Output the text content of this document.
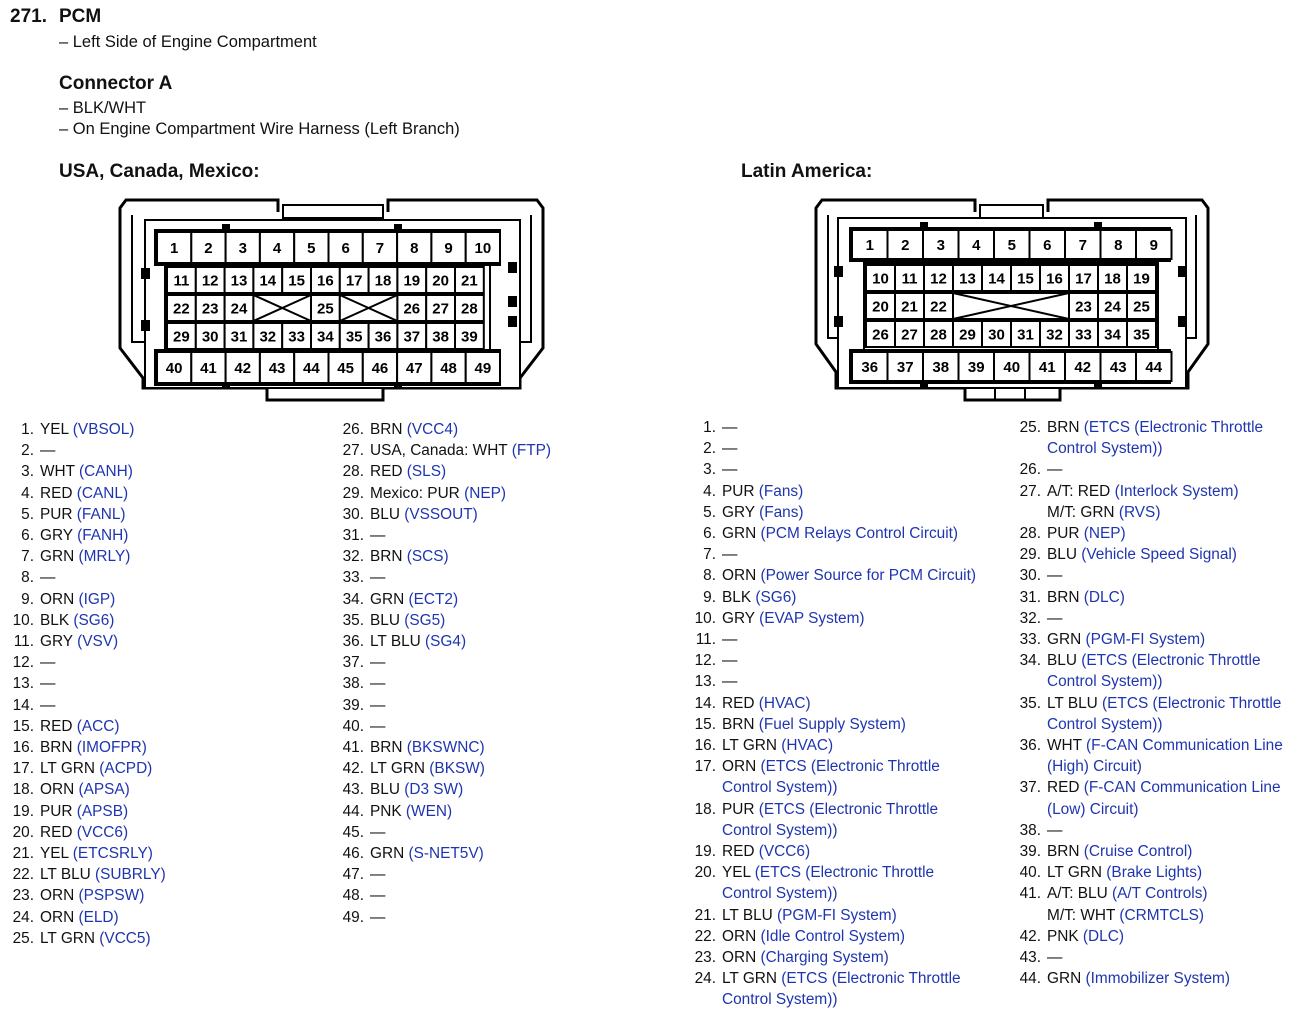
271. PCM
– Left Side of Engine Compartment
Connector A
– BLK/WHT
– On Engine Compartment Wire Harness (Left Branch)
USA, Canada, Mexico:	Latin America:
1 2 3 4 5 6 7 8 9 10
11 12 13 14 15 16 17 18 19 20 21
22 23 24	25	26 27 28
29 30 31 32 33 34 35 36 37 38 39
40 41 42 43 44 45 46 47 48 49
1 2 3 4 5 6 7 8 9
10 11 12 13 14 15 16 17 18 19
20 21 22	23 24 25
26 27 28 29 30 31 32 33 34 35
36 37 38 39 40 41 42 43 44
1. YEL (VBSOL)
2. —
3. WHT (CANH)
4. RED (CANL)
5. PUR (FANL)
6. GRY (FANH)
7. GRN (MRLY)
8. —
9. ORN (IGP)
10. BLK (SG6)
11. GRY (VSV)
12. —
13. —
14. —
15. RED (ACC)
16. BRN (IMOFPR)
17. LT GRN (ACPD)
18. ORN (APSA)
19. PUR (APSB)
20. RED (VCC6)
21. YEL (ETCSRLY)
22. LT BLU (SUBRLY)
23. ORN (PSPSW)
24. ORN (ELD)
25. LT GRN (VCC5)
26. BRN (VCC4)
27. USA, Canada: WHT (FTP)
28. RED (SLS)
29. Mexico: PUR (NEP)
30. BLU (VSSOUT)
31. —
32. BRN (SCS)
33. —
34. GRN (ECT2)
35. BLU (SG5)
36. LT BLU (SG4)
37. —
38. —
39. —
40. —
41. BRN (BKSWNC)
42. LT GRN (BKSW)
43. BLU (D3 SW)
44. PNK (WEN)
45. —
46. GRN (S-NET5V)
47. —
48. —
49. —
1. —
2. —
3. —
4. PUR (Fans)
5. GRY (Fans)
6. GRN (PCM Relays Control Circuit)
7. —
8. ORN (Power Source for PCM Circuit)
9. BLK (SG6)
10. GRY (EVAP System)
11. —
12. —
13. —
14. RED (HVAC)
15. BRN (Fuel Supply System)
16. LT GRN (HVAC)
17. ORN (ETCS (Electronic Throttle
Control System))
18. PUR (ETCS (Electronic Throttle
Control System))
19. RED (VCC6)
20. YEL (ETCS (Electronic Throttle
Control System))
21. LT BLU (PGM-FI System)
22. ORN (Idle Control System)
23. ORN (Charging System)
24. LT GRN (ETCS (Electronic Throttle
Control System))
25. BRN (ETCS (Electronic Throttle
Control System))
26. —
27. A/T: RED (Interlock System)
M/T: GRN (RVS)
28. PUR (NEP)
29. BLU (Vehicle Speed Signal)
30. —
31. BRN (DLC)
32. —
33. GRN (PGM-FI System)
34. BLU (ETCS (Electronic Throttle
Control System))
35. LT BLU (ETCS (Electronic Throttle
Control System))
36. WHT (F-CAN Communication Line
(High) Circuit)
37. RED (F-CAN Communication Line
(Low) Circuit)
38. —
39. BRN (Cruise Control)
40. LT GRN (Brake Lights)
41. A/T: BLU (A/T Controls)
M/T: WHT (CRMTCLS)
42. PNK (DLC)
43. —
44. GRN (Immobilizer System)
